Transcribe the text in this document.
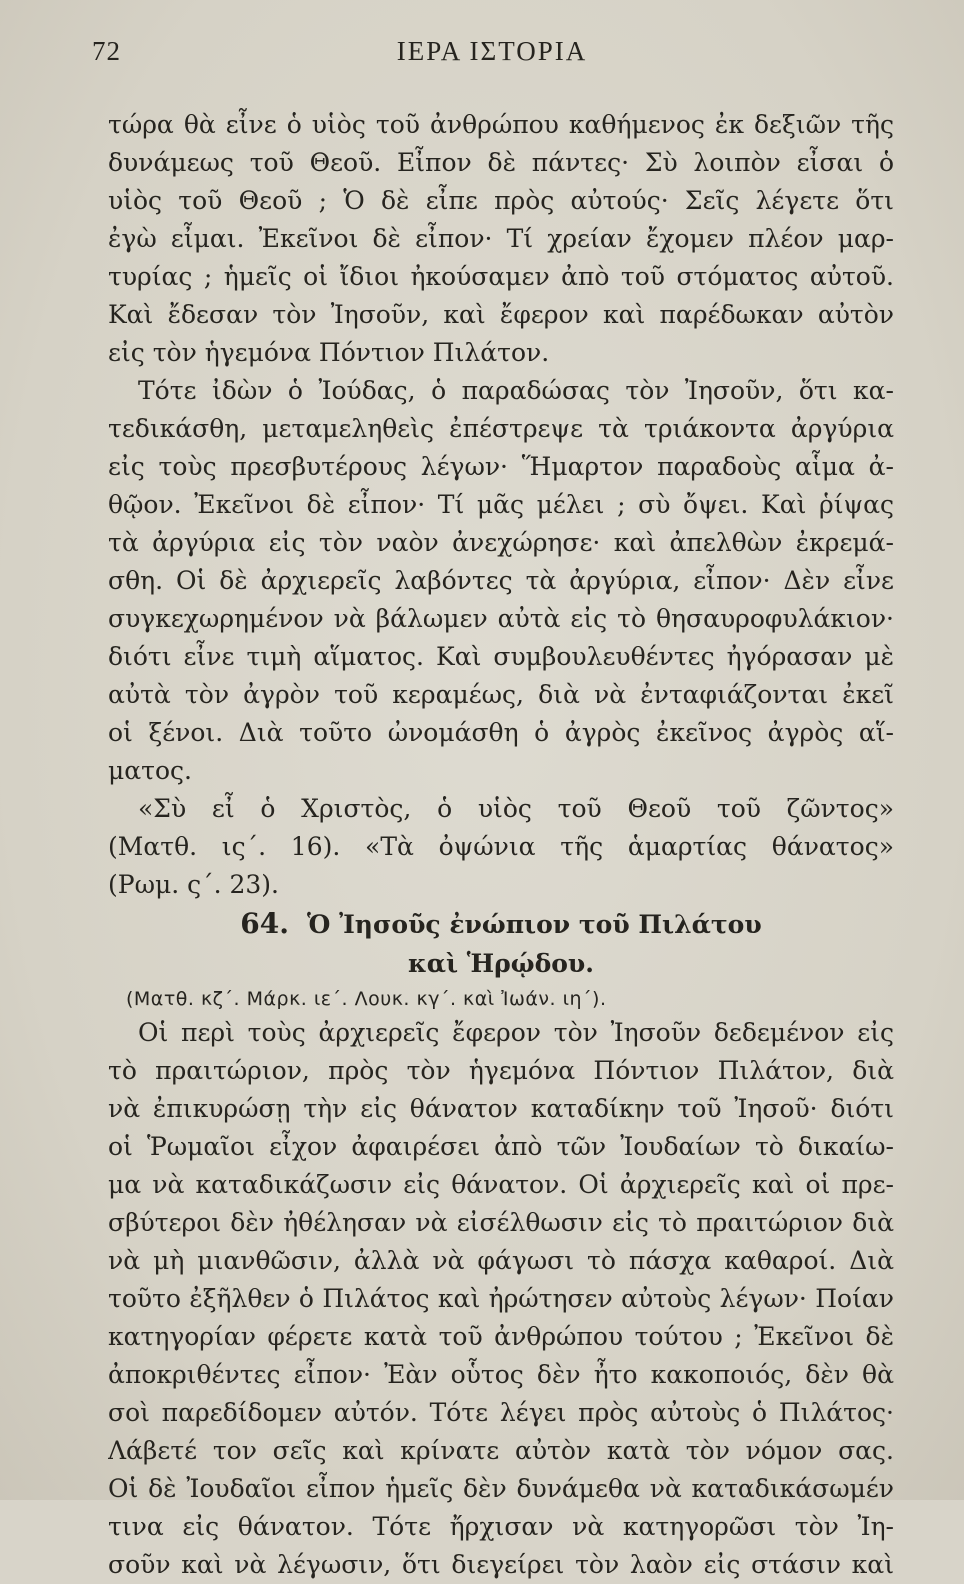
72	ΙΕΡΑ ΙΣΤΟΡΙΑ
τώρα θὰ εἶνε ὁ υἱὸς τοῦ ἀνθρώπου καθήμενος ἐκ δεξιῶν τῆς
δυνάμεως τοῦ Θεοῦ. Εἶπον δὲ πάντες· Σὺ λοιπὸν εἶσαι ὁ
υἱὸς τοῦ Θεοῦ ; Ὁ δὲ εἶπε πρὸς αὐτούς· Σεῖς λέγετε ὅτι
ἐγὼ εἶμαι. Ἐκεῖνοι δὲ εἶπον· Τί χρείαν ἔχομεν πλέον μαρ-
τυρίας ; ἡμεῖς οἱ ἴδιοι ἠκούσαμεν ἀπὸ τοῦ στόματος αὐτοῦ.
Καὶ ἔδεσαν τὸν Ἰησοῦν, καὶ ἔφερον καὶ παρέδωκαν αὐτὸν
εἰς τὸν ἡγεμόνα Πόντιον Πιλάτον.
Τότε ἰδὼν ὁ Ἰούδας, ὁ παραδώσας τὸν Ἰησοῦν, ὅτι κα-
τεδικάσθη, μεταμεληθεὶς ἐπέστρεψε τὰ τριάκοντα ἀργύρια
εἰς τοὺς πρεσβυτέρους λέγων· Ἥμαρτον παραδοὺς αἷμα ἀ-
θῷον. Ἐκεῖνοι δὲ εἶπον· Τί μᾶς μέλει ; σὺ ὄψει. Καὶ ῥίψας
τὰ ἀργύρια εἰς τὸν ναὸν ἀνεχώρησε· καὶ ἀπελθὼν ἐκρεμά-
σθη. Οἱ δὲ ἀρχιερεῖς λαβόντες τὰ ἀργύρια, εἶπον· Δὲν εἶνε
συγκεχωρημένον νὰ βάλωμεν αὐτὰ εἰς τὸ θησαυροφυλάκιον·
διότι εἶνε τιμὴ αἵματος. Καὶ συμβουλευθέντες ἠγόρασαν μὲ
αὐτὰ τὸν ἀγρὸν τοῦ κεραμέως, διὰ νὰ ἐνταφιάζονται ἐκεῖ
οἱ ξένοι. Διὰ τοῦτο ὠνομάσθη ὁ ἀγρὸς ἐκεῖνος ἀγρὸς αἵ-
ματος.
«Σὺ εἶ ὁ Χριστὸς, ὁ υἱὸς τοῦ Θεοῦ τοῦ ζῶντος»
(Ματθ. ις΄. 16). «Τὰ ὀψώνια τῆς ἁμαρτίας θάνατος»
(Ρωμ. ς΄. 23).
64. Ὁ Ἰησοῦς ἐνώπιον τοῦ Πιλάτου
καὶ Ἡρῴδου.
(Ματθ. κζ΄. Μάρκ. ιε΄. Λουκ. κγ΄. καὶ Ἰωάν. ιη΄).
Οἱ περὶ τοὺς ἀρχιερεῖς ἔφερον τὸν Ἰησοῦν δεδεμένον εἰς
τὸ πραιτώριον, πρὸς τὸν ἡγεμόνα Πόντιον Πιλάτον, διὰ
νὰ ἐπικυρώσῃ τὴν εἰς θάνατον καταδίκην τοῦ Ἰησοῦ· διότι
οἱ Ῥωμαῖοι εἶχον ἀφαιρέσει ἀπὸ τῶν Ἰουδαίων τὸ δικαίω-
μα νὰ καταδικάζωσιν εἰς θάνατον. Οἱ ἀρχιερεῖς καὶ οἱ πρε-
σβύτεροι δὲν ἠθέλησαν νὰ εἰσέλθωσιν εἰς τὸ πραιτώριον διὰ
νὰ μὴ μιανθῶσιν, ἀλλὰ νὰ φάγωσι τὸ πάσχα καθαροί. Διὰ
τοῦτο ἐξῆλθεν ὁ Πιλάτος καὶ ἠρώτησεν αὐτοὺς λέγων· Ποίαν
κατηγορίαν φέρετε κατὰ τοῦ ἀνθρώπου τούτου ; Ἐκεῖνοι δὲ
ἀποκριθέντες εἶπον· Ἐὰν οὗτος δὲν ἦτο κακοποιός, δὲν θὰ
σοὶ παρεδίδομεν αὐτόν. Τότε λέγει πρὸς αὐτοὺς ὁ Πιλάτος·
Λάβετέ τον σεῖς καὶ κρίνατε αὐτὸν κατὰ τὸν νόμον σας.
Οἱ δὲ Ἰουδαῖοι εἶπον ἡμεῖς δὲν δυνάμεθα νὰ καταδικάσωμέν
τινα εἰς θάνατον. Τότε ἤρχισαν νὰ κατηγορῶσι τὸν Ἰη-
σοῦν καὶ νὰ λέγωσιν, ὅτι διεγείρει τὸν λαὸν εἰς στάσιν καὶ
